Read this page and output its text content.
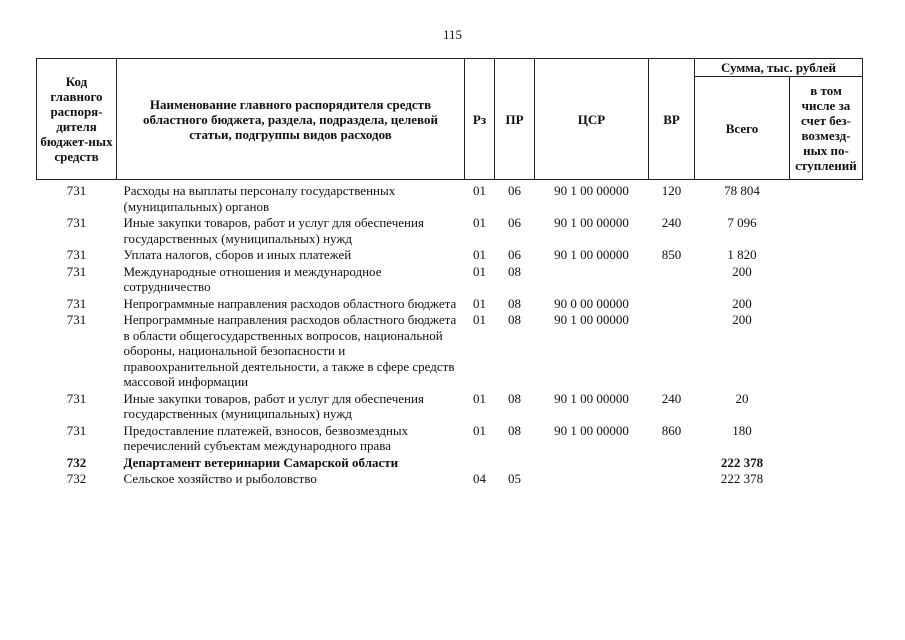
115
Код главного распоря-дителя бюджет-ных средств	Наименование главного распорядителя средств областного бюджета, раздела, подраздела, целевой статьи, подгруппы видов расходов	Рз	ПР	ЦСР	ВР	Сумма, тыс. рублей	
						Всего	в том числе за счет без-возмезд-ных по-ступлений
731	Расходы на выплаты персоналу государственных (муниципальных) органов	01	06	90 1 00 00000	120	78 804	
731	Иные закупки товаров, работ и услуг для обеспечения государственных (муниципальных) нужд	01	06	90 1 00 00000	240	7 096	
731	Уплата налогов, сборов и иных платежей	01	06	90 1 00 00000	850	1 820	
731	Международные отношения и международное сотрудничество	01	08			200	
731	Непрограммные направления расходов областного бюджета	01	08	90 0 00 00000		200	
731	Непрограммные направления расходов областного бюджета в области общегосударственных вопросов, национальной обороны, национальной безопасности и правоохранительной деятельности, а также в сфере средств массовой информации	01	08	90 1 00 00000		200	
731	Иные закупки товаров, работ и услуг для обеспечения государственных (муниципальных) нужд	01	08	90 1 00 00000	240	20	
731	Предоставление платежей, взносов, безвозмездных перечислений субъектам международного права	01	08	90 1 00 00000	860	180	
732	Департамент ветеринарии Самарской области					222 378	
732	Сельское хозяйство и рыболовство	04	05			222 378	
